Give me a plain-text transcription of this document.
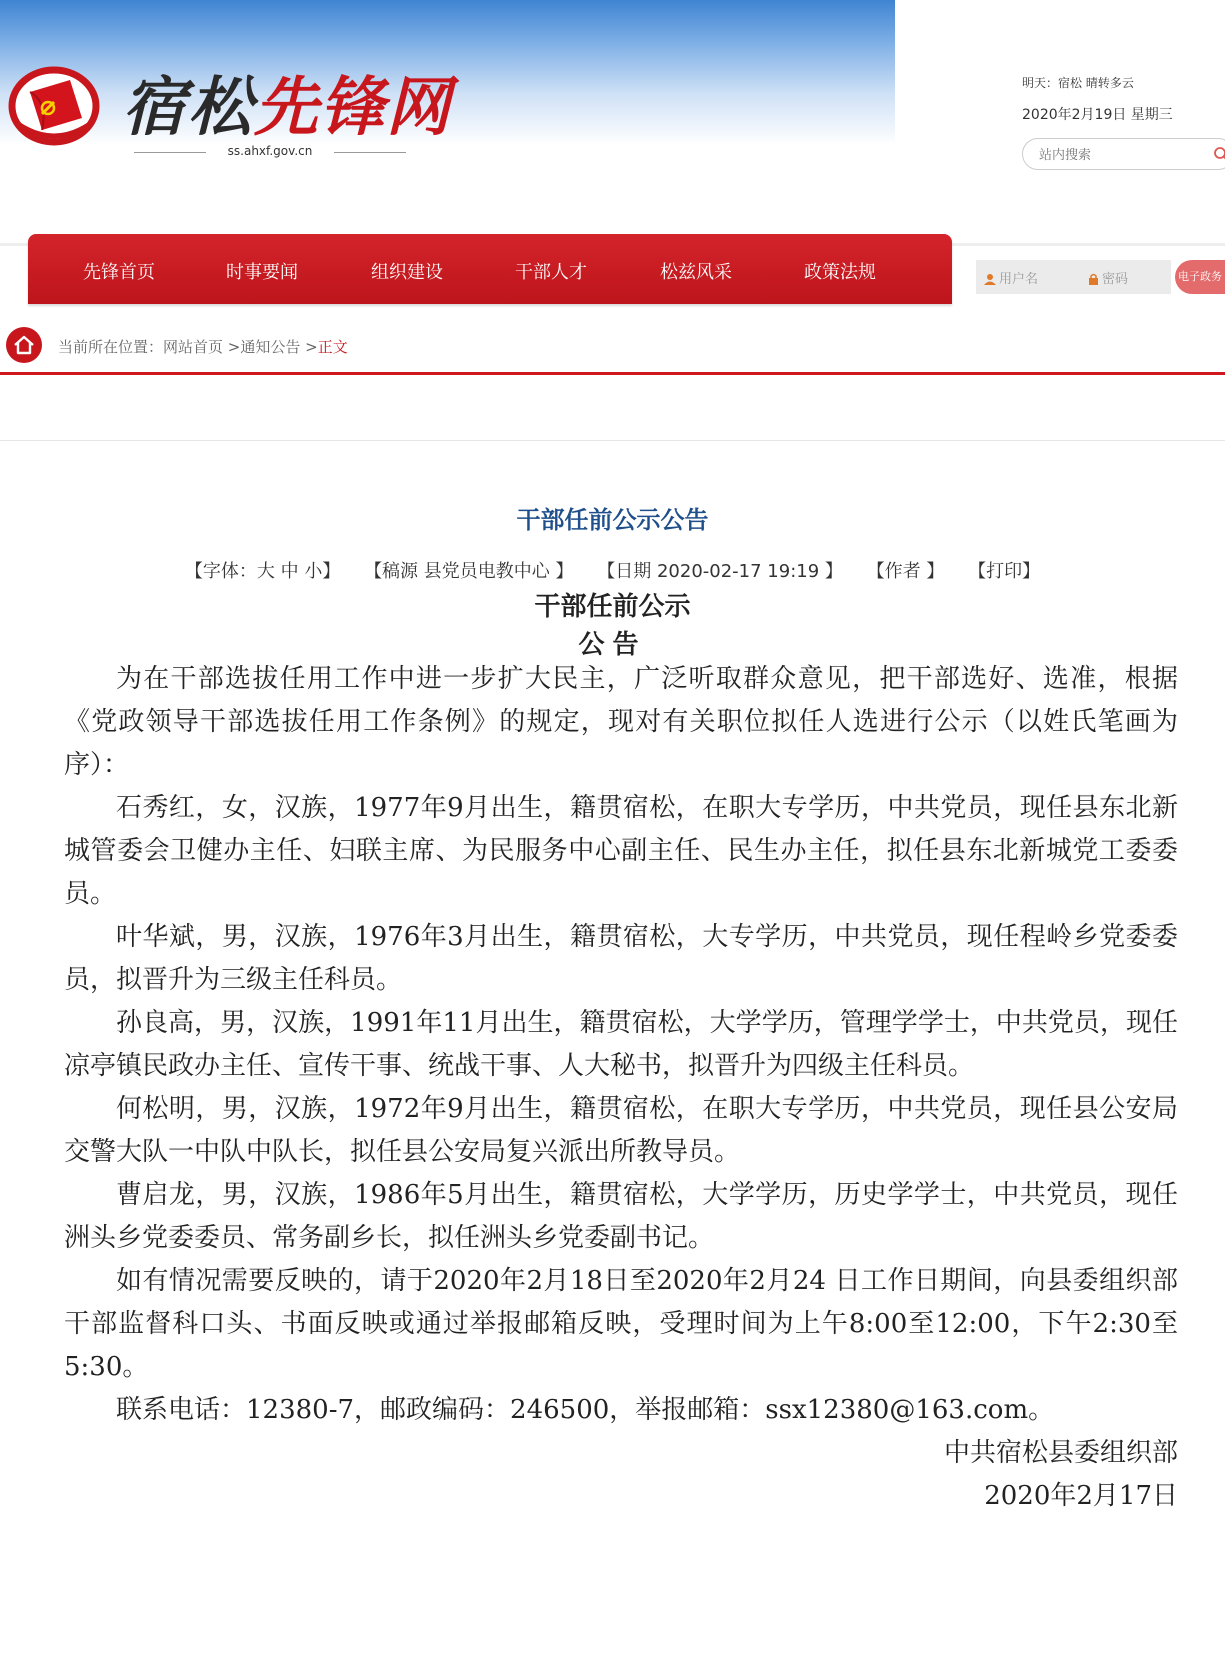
宿松先锋网
ss.ahxf.gov.cn
明天：宿松 晴转多云
2020年2月19日 星期三
站内搜索
先锋首页	时事要闻	组织建设	干部人才	松兹风采	政策法规	用户名	密码	电子政务
当前所在位置：网站首页 >通知公告 >正文
干部任前公示公告
【字体：大 中 小】 【稿源 县党员电教中心 】 【日期 2020-02-17 19:19 】 【作者 】 【打印】
干部任前公示
公告

为在干部选拔任用工作中进一步扩大民主，广泛听取群众意见，把干部选好、选准，根据《党政领导干部选拔任用工作条例》的规定，现对有关职位拟任人选进行公示（以姓氏笔画为序）：

石秀红，女，汉族，1977年9月出生，籍贯宿松，在职大专学历，中共党员，现任县东北新城管委会卫健办主任、妇联主席、为民服务中心副主任、民生办主任，拟任县东北新城党工委委员。

叶华斌，男，汉族，1976年3月出生，籍贯宿松，大专学历，中共党员，现任程岭乡党委委员，拟晋升为三级主任科员。

孙良高，男，汉族，1991年11月出生，籍贯宿松，大学学历，管理学学士，中共党员，现任凉亭镇民政办主任、宣传干事、统战干事、人大秘书，拟晋升为四级主任科员。

何松明，男，汉族，1972年9月出生，籍贯宿松，在职大专学历，中共党员，现任县公安局交警大队一中队中队长，拟任县公安局复兴派出所教导员。

曹启龙，男，汉族，1986年5月出生，籍贯宿松，大学学历，历史学学士，中共党员，现任洲头乡党委委员、常务副乡长，拟任洲头乡党委副书记。

如有情况需要反映的，请于2020年2月18日至2020年2月24 日工作日期间，向县委组织部干部监督科口头、书面反映或通过举报邮箱反映，受理时间为上午8:00至12:00，下午2:30至5:30。

联系电话：12380-7，邮政编码：246500，举报邮箱：ssx12380@163.com。

中共宿松县委组织部

2020年2月17日
